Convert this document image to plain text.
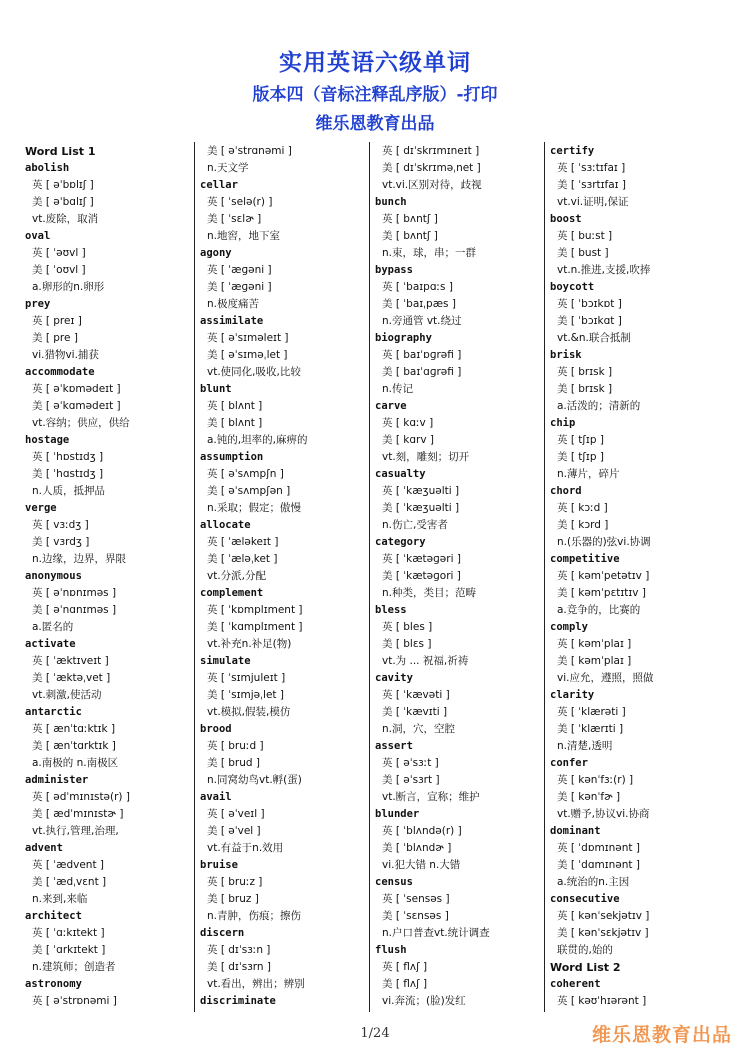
实用英语六级单词
版本四（音标注释乱序版）-打印
维乐恩教育出品
Word List 1
abolish
英 [ əˈbɒlɪʃ ]
美 [ əˈbɑlɪʃ ]
vt.废除，取消
oval
英 [ ˈəʊvl ]
美 [ ˈoʊvl ]
a.卵形的n.卵形
prey
英 [ preɪ ]
美 [ pre ]
vi.猎物vi.捕获
accommodate
英 [ əˈkɒmədeɪt ]
美 [ əˈkɑmədeɪt ]
vt.容纳；供应，供给
hostage
英 [ ˈhɒstɪdʒ ]
美 [ ˈhɑstɪdʒ ]
n.人质，抵押品
verge
英 [ vɜːdʒ ]
美 [ vɜrdʒ ]
n.边缘，边界，界限
anonymous
英 [ əˈnɒnɪməs ]
美 [ əˈnɑnɪməs ]
a.匿名的
activate
英 [ ˈæktɪveɪt ]
美 [ ˈæktəˌvet ]
vt.刺激,使活动
antarctic
英 [ ænˈtɑːktɪk ]
美 [ ænˈtɑrktɪk ]
a.南极的 n.南极区
administer
英 [ ədˈmɪnɪstə(r) ]
美 [ ædˈmɪnɪstɚ ]
vt.执行,管理,治理,
advent
英 [ ˈædvent ]
美 [ ˈædˌvɛnt ]
n.来到,来临
architect
英 [ ˈɑːkɪtekt ]
美 [ ˈɑrkɪtekt ]
n.建筑师；创造者
astronomy
英 [ əˈstrɒnəmi ]
美 [ əˈstrɑnəmi ]
n.天文学
cellar
英 [ ˈselə(r) ]
美 [ ˈsɛlɚ ]
n.地窖，地下室
agony
英 [ ˈæɡəni ]
美 [ ˈæɡəni ]
n.极度痛苦
assimilate
英 [ əˈsɪməleɪt ]
美 [ əˈsɪməˌlet ]
vt.使同化,吸收,比较
blunt
英 [ blʌnt ]
美 [ blʌnt ]
a.钝的,坦率的,麻痹的
assumption
英 [ əˈsʌmpʃn ]
美 [ əˈsʌmpʃən ]
n.采取；假定；傲慢
allocate
英 [ ˈæləkeɪt ]
美 [ ˈæləˌket ]
vt.分派,分配
complement
英 [ ˈkɒmplɪment ]
美 [ ˈkɑmplɪment ]
vt.补充n.补足(物)
simulate
英 [ ˈsɪmjuleɪt ]
美 [ ˈsɪmjəˌlet ]
vt.模拟,假装,模仿
brood
英 [ bruːd ]
美 [ brud ]
n.同窝幼鸟vt.孵(蛋)
avail
英 [ əˈveɪl ]
美 [ əˈvel ]
vt.有益于n.效用
bruise
英 [ bruːz ]
美 [ bruz ]
n.青肿，伤痕；擦伤
discern
英 [ dɪˈsɜːn ]
美 [ dɪˈsɜrn ]
vt.看出，辨出；辨别
discriminate
英 [ dɪˈskrɪmɪneɪt ]
美 [ dɪˈskrɪməˌnet ]
vt.vi.区别对待，歧视
bunch
英 [ bʌntʃ ]
美 [ bʌntʃ ]
n.束，球，串；一群
bypass
英 [ ˈbaɪpɑːs ]
美 [ ˈbaɪˌpæs ]
n.旁通管 vt.绕过
biography
英 [ baɪˈɒɡrəfi ]
美 [ baɪˈɑɡrəfi ]
n.传记
carve
英 [ kɑːv ]
美 [ kɑrv ]
vt.刻，雕刻；切开
casualty
英 [ ˈkæʒuəlti ]
美 [ ˈkæʒuəlti ]
n.伤亡,受害者
category
英 [ ˈkætəɡəri ]
美 [ ˈkætəɡori ]
n.种类，类目；范畴
bless
英 [ bles ]
美 [ blɛs ]
vt.为 ... 祝福,祈祷
cavity
英 [ ˈkævəti ]
美 [ ˈkævɪti ]
n.洞，穴，空腔
assert
英 [ əˈsɜːt ]
美 [ əˈsɜrt ]
vt.断言，宣称；维护
blunder
英 [ ˈblʌndə(r) ]
美 [ ˈblʌndɚ ]
vi.犯大错 n.大错
census
英 [ ˈsensəs ]
美 [ ˈsɛnsəs ]
n.户口普查vt.统计调查
flush
英 [ flʌʃ ]
美 [ flʌʃ ]
vi.奔流；(脸)发红
certify
英 [ ˈsɜːtɪfaɪ ]
美 [ ˈsɜrtɪfaɪ ]
vt.vi.证明,保证
boost
英 [ buːst ]
美 [ bust ]
vt.n.推进,支援,吹捧
boycott
英 [ ˈbɔɪkɒt ]
美 [ ˈbɔɪkɑt ]
vt.&n.联合抵制
brisk
英 [ brɪsk ]
美 [ brɪsk ]
a.活泼的；清新的
chip
英 [ tʃɪp ]
美 [ tʃɪp ]
n.薄片，碎片
chord
英 [ kɔːd ]
美 [ kɔrd ]
n.(乐器的)弦vi.协调
competitive
英 [ kəmˈpetətɪv ]
美 [ kəmˈpɛtɪtɪv ]
a.竞争的，比赛的
comply
英 [ kəmˈplaɪ ]
美 [ kəmˈplaɪ ]
vi.应允，遵照，照做
clarity
英 [ ˈklærəti ]
美 [ ˈklærɪti ]
n.清楚,透明
confer
英 [ kənˈfɜː(r) ]
美 [ kənˈfɚ ]
vt.赠予,协议vi.协商
dominant
英 [ ˈdɒmɪnənt ]
美 [ ˈdɑmɪnənt ]
a.统治的n.主因
consecutive
英 [ kənˈsekjətɪv ]
美 [ kənˈsɛkjətɪv ]
联贯的,始的
Word List 2
coherent
英 [ kəʊˈhɪərənt ]
1/24	维乐恩教育出品
